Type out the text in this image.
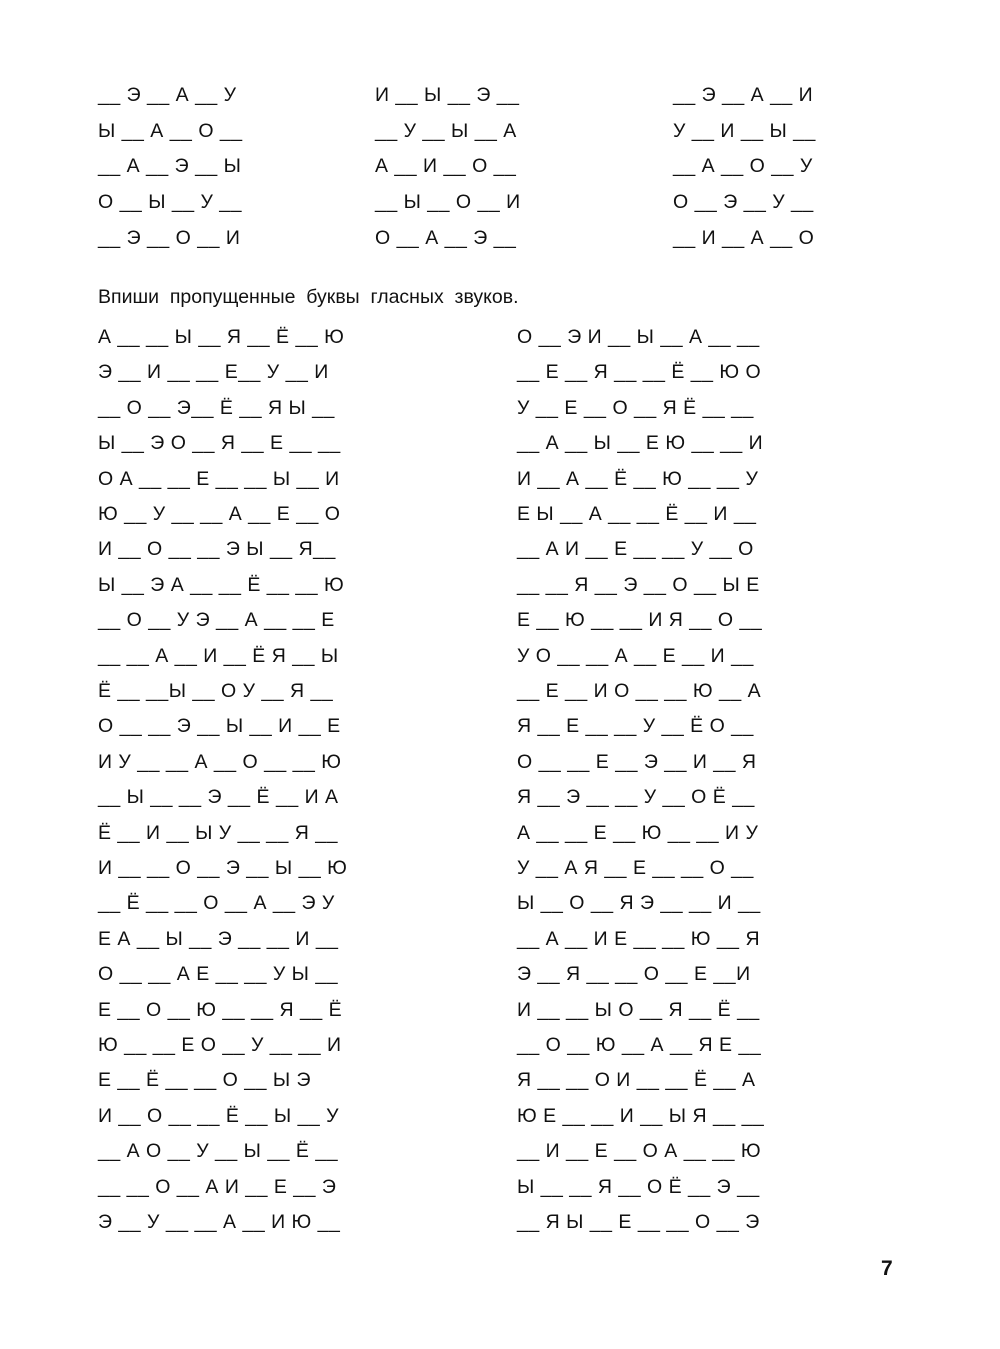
__ Э __ А __ У
Ы __ А __ О __
__ А __ Э __ Ы
О __ Ы __ У __
__ Э __ О __ И
И __ Ы __ Э __
__ У __ Ы __ А
А __ И __ О __
__ Ы __ О __ И
О __ А __ Э __
__ Э __ А __ И
У __ И __ Ы __
__ А __ О __ У
О __ Э __ У __
__ И __ А __ О
Впиши  пропущенные  буквы  гласных  звуков.
А __ __ Ы __ Я __ Ё __ Ю
Э __ И __ __ Е__ У __ И
__ О __ Э__ Ё __ Я Ы __
Ы __ Э О __ Я __ Е __ __
О А __ __ Е __ __ Ы __ И
Ю __ У __ __ А __ Е __ О
И __ О __ __ Э Ы __ Я__
Ы __ Э А __ __ Ё __ __ Ю
__ О __ У Э __ А __ __ Е
__ __ А __ И __ Ё Я __ Ы
Ё __ __Ы __ О У __ Я __
О __ __ Э __ Ы __ И __ Е
И У __ __ А __ О __ __ Ю
__ Ы __ __ Э __ Ё __ И А
Ё __ И __ Ы У __ __ Я __
И __ __ О __ Э __ Ы __ Ю
__ Ё __ __ О __ А __ Э У
Е А __ Ы __ Э __ __ И __
О __ __ А Е __ __ У Ы __
Е __ О __ Ю __ __ Я __ Ё
Ю __ __ Е О __ У __ __ И
Е __ Ё __ __ О __ Ы Э
И __ О __ __ Ё __ Ы __ У
__ А О __ У __ Ы __ Ё __
__ __ О __ А И __ Е __ Э
Э __ У __ __ А __ И Ю __
О __ Э И __ Ы __ А __ __
__ Е __ Я __ __ Ё __ Ю О
У __ Е __ О __ Я Ё __ __
__ А __ Ы __ Е Ю __ __ И
И __ А __ Ё __ Ю __ __ У
Е Ы __ А __ __ Ё __ И __
__ А И __ Е __ __ У __ О
__ __ Я __ Э __ О __ Ы Е
Е __ Ю __ __ И Я __ О __
У О __ __ А __ Е __ И __
__ Е __ И О __ __ Ю __ А
Я __ Е __ __ У __ Ё О __
О __ __ Е __ Э __ И __ Я
Я __ Э __ __ У __ О Ё __
А __ __ Е __ Ю __ __ И У
У __ А Я __ Е __ __ О __
Ы __ О __ Я Э __ __ И __
__ А __ И Е __ __ Ю __ Я
Э __ Я __ __ О __ Е __И
И __ __ Ы О __ Я __ Ё __
__ О __ Ю __ А __ Я Е __
Я __ __ О И __ __ Ё __ А
Ю Е __ __ И __ Ы Я __ __
__ И __ Е __ О А __ __ Ю
Ы __ __ Я __ О Ё __ Э __
__ Я Ы __ Е __ __ О __ Э
7
